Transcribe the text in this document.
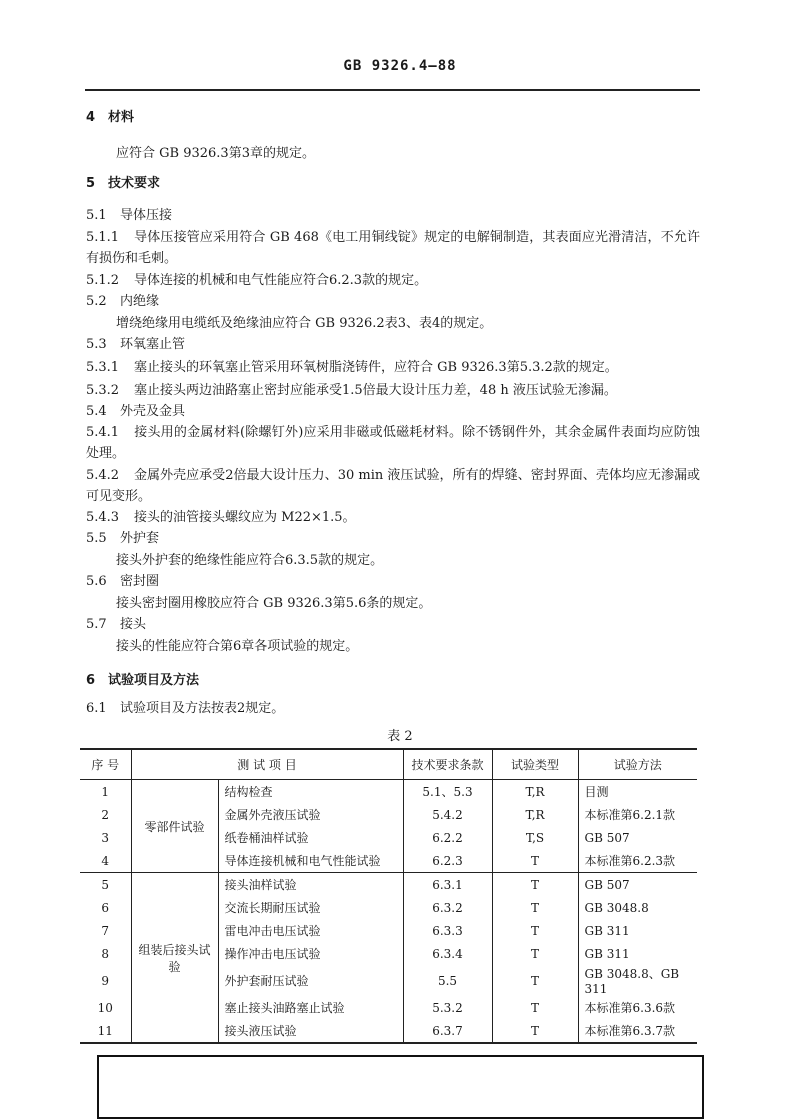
GB 9326.4—88
4 材料
应符合 GB 9326.3第3章的规定。
5 技术要求
5.1 导体压接
5.1.1 导体压接管应采用符合 GB 468《电工用铜线锭》规定的电解铜制造，其表面应光滑清洁，不允许有损伤和毛刺。
5.1.2 导体连接的机械和电气性能应符合6.2.3款的规定。
5.2 内绝缘
增绕绝缘用电缆纸及绝缘油应符合 GB 9326.2表3、表4的规定。
5.3 环氧塞止管
5.3.1 塞止接头的环氧塞止管采用环氧树脂浇铸件，应符合 GB 9326.3第5.3.2款的规定。
5.3.2 塞止接头两边油路塞止密封应能承受1.5倍最大设计压力差，48 h 液压试验无渗漏。
5.4 外壳及金具
5.4.1 接头用的金属材料(除螺钉外)应采用非磁或低磁耗材料。除不锈钢件外，其余金属件表面均应防蚀处理。
5.4.2 金属外壳应承受2倍最大设计压力、30 min 液压试验，所有的焊缝、密封界面、壳体均应无渗漏或可见变形。
5.4.3 接头的油管接头螺纹应为 M22×1.5。
5.5 外护套
接头外护套的绝缘性能应符合6.3.5款的规定。
5.6 密封圈
接头密封圈用橡胶应符合 GB 9326.3第5.6条的规定。
5.7 接头
接头的性能应符合第6章各项试验的规定。
6 试验项目及方法
6.1 试验项目及方法按表2规定。
表 2
序 号	测 试 项 目		技术要求条款	试验类型	试验方法
1	零部件试验	结构检查	5.1、5.3	T,R	目测
2		金属外壳液压试验	5.4.2	T,R	本标准第6.2.1款
3		纸卷桶油样试验	6.2.2	T,S	GB 507
4		导体连接机械和电气性能试验	6.2.3	T	本标准第6.2.3款
5	组装后接头试验	接头油样试验	6.3.1	T	GB 507
6		交流长期耐压试验	6.3.2	T	GB 3048.8
7		雷电冲击电压试验	6.3.3	T	GB 311
8		操作冲击电压试验	6.3.4	T	GB 311
9		外护套耐压试验	5.5	T	GB 3048.8、GB 311
10		塞止接头油路塞止试验	5.3.2	T	本标准第6.3.6款
11		接头液压试验	6.3.7	T	本标准第6.3.7款
